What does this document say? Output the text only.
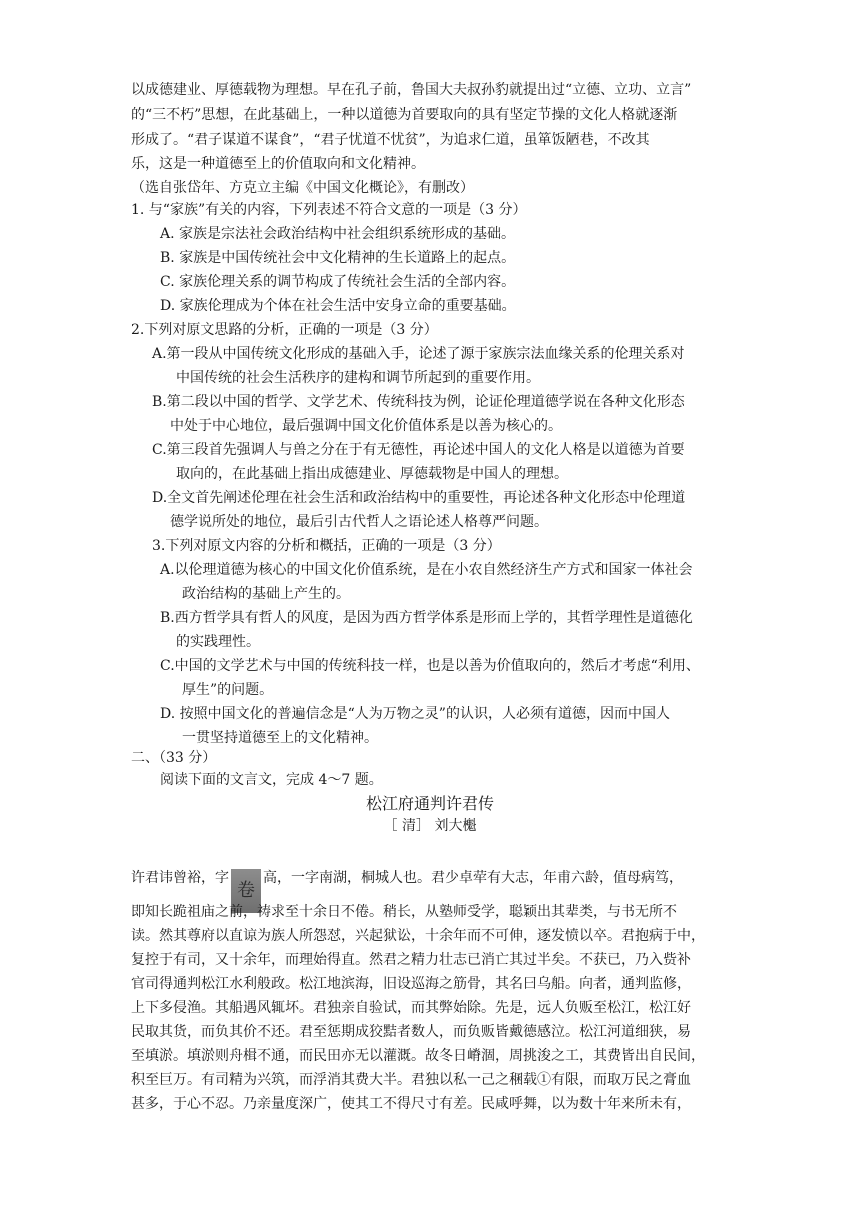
以成德建业、厚德载物为理想。早在孔子前，鲁国大夫叔孙豹就提出过“立德、立功、立言”
的“三不朽”思想，在此基础上，一种以道德为首要取向的具有坚定节操的文化人格就逐渐
形成了。“君子谋道不谋食”，“君子忧道不忧贫”，为追求仁道，虽箪饭陋巷，不改其
乐，这是一种道德至上的价值取向和文化精神。
（选自张岱年、方克立主编《中国文化概论》，有删改）
1. 与“家族”有关的内容，下列表述不符合文意的一项是（3 分）
A. 家族是宗法社会政治结构中社会组织系统形成的基础。
B. 家族是中国传统社会中文化精神的生长道路上的起点。
C. 家族伦理关系的调节构成了传统社会生活的全部内容。
D. 家族伦理成为个体在社会生活中安身立命的重要基础。
2.下列对原文思路的分析，正确的一项是（3 分）
A.第一段从中国传统文化形成的基础入手，论述了源于家族宗法血缘关系的伦理关系对
中国传统的社会生活秩序的建构和调节所起到的重要作用。
B.第二段以中国的哲学、文学艺术、传统科技为例，论证伦理道德学说在各种文化形态
中处于中心地位，最后强调中国文化价值体系是以善为核心的。
C.第三段首先强调人与兽之分在于有无德性，再论述中国人的文化人格是以道德为首要
取向的，在此基础上指出成德建业、厚德载物是中国人的理想。
D.全文首先阐述伦理在社会生活和政治结构中的重要性，再论述各种文化形态中伦理道
德学说所处的地位，最后引古代哲人之语论述人格尊严问题。
3.下列对原文内容的分析和概括，正确的一项是（3 分）
A.以伦理道德为核心的中国文化价值系统，是在小农自然经济生产方式和国家一体社会
政治结构的基础上产生的。
B.西方哲学具有哲人的风度，是因为西方哲学体系是形而上学的，其哲学理性是道德化
的实践理性。
C.中国的文学艺术与中国的传统科技一样，也是以善为价值取向的，然后才考虑“利用、
厚生”的问题。
D. 按照中国文化的普遍信念是“人为万物之灵”的认识，人必须有道德，因而中国人
一贯坚持道德至上的文化精神。
二、（33 分）
阅读下面的文言文，完成 4～7 题。
松江府通判许君传
［ 清］ 刘大櫆
许君讳曾裕，字卷高，一字南湖，桐城人也。君少卓荦有大志，年甫六龄，值母病笃，
即知长跪祖庙之前，祷求至十余日不倦。稍长，从塾师受学，聪颖出其辈类，与书无所不
读。然其尊府以直谅为族人所怨怼，兴起狱讼，十余年而不可伸，逐发愤以卒。君抱病于中，
复控于有司，又十余年，而理始得直。然君之精力壮志已消亡其过半矣。不获已，乃入赀补
官司得通判松江水利般政。松江地滨海，旧设巡海之筋骨，其名曰乌船。向者，通判监修，
上下多侵渔。其船遇风辄坏。君独亲自验试，而其弊始除。先是，远人负贩至松江，松江好
民取其货，而负其价不还。君至惩期成狡黠者数人，而负贩皆戴德感泣。松江河道细狭，易
至填淤。填淤则舟楫不通，而民田亦无以灌溉。故冬日嵴涸，周挑浚之工，其费皆出自民间，
积至巨万。有司精为兴筑，而浮消其费大半。君独以私一己之稛载①有限，而取万民之膏血
甚多，于心不忍。乃亲量度深广，使其工不得尺寸有差。民咸呼舞，以为数十年来所未有，
